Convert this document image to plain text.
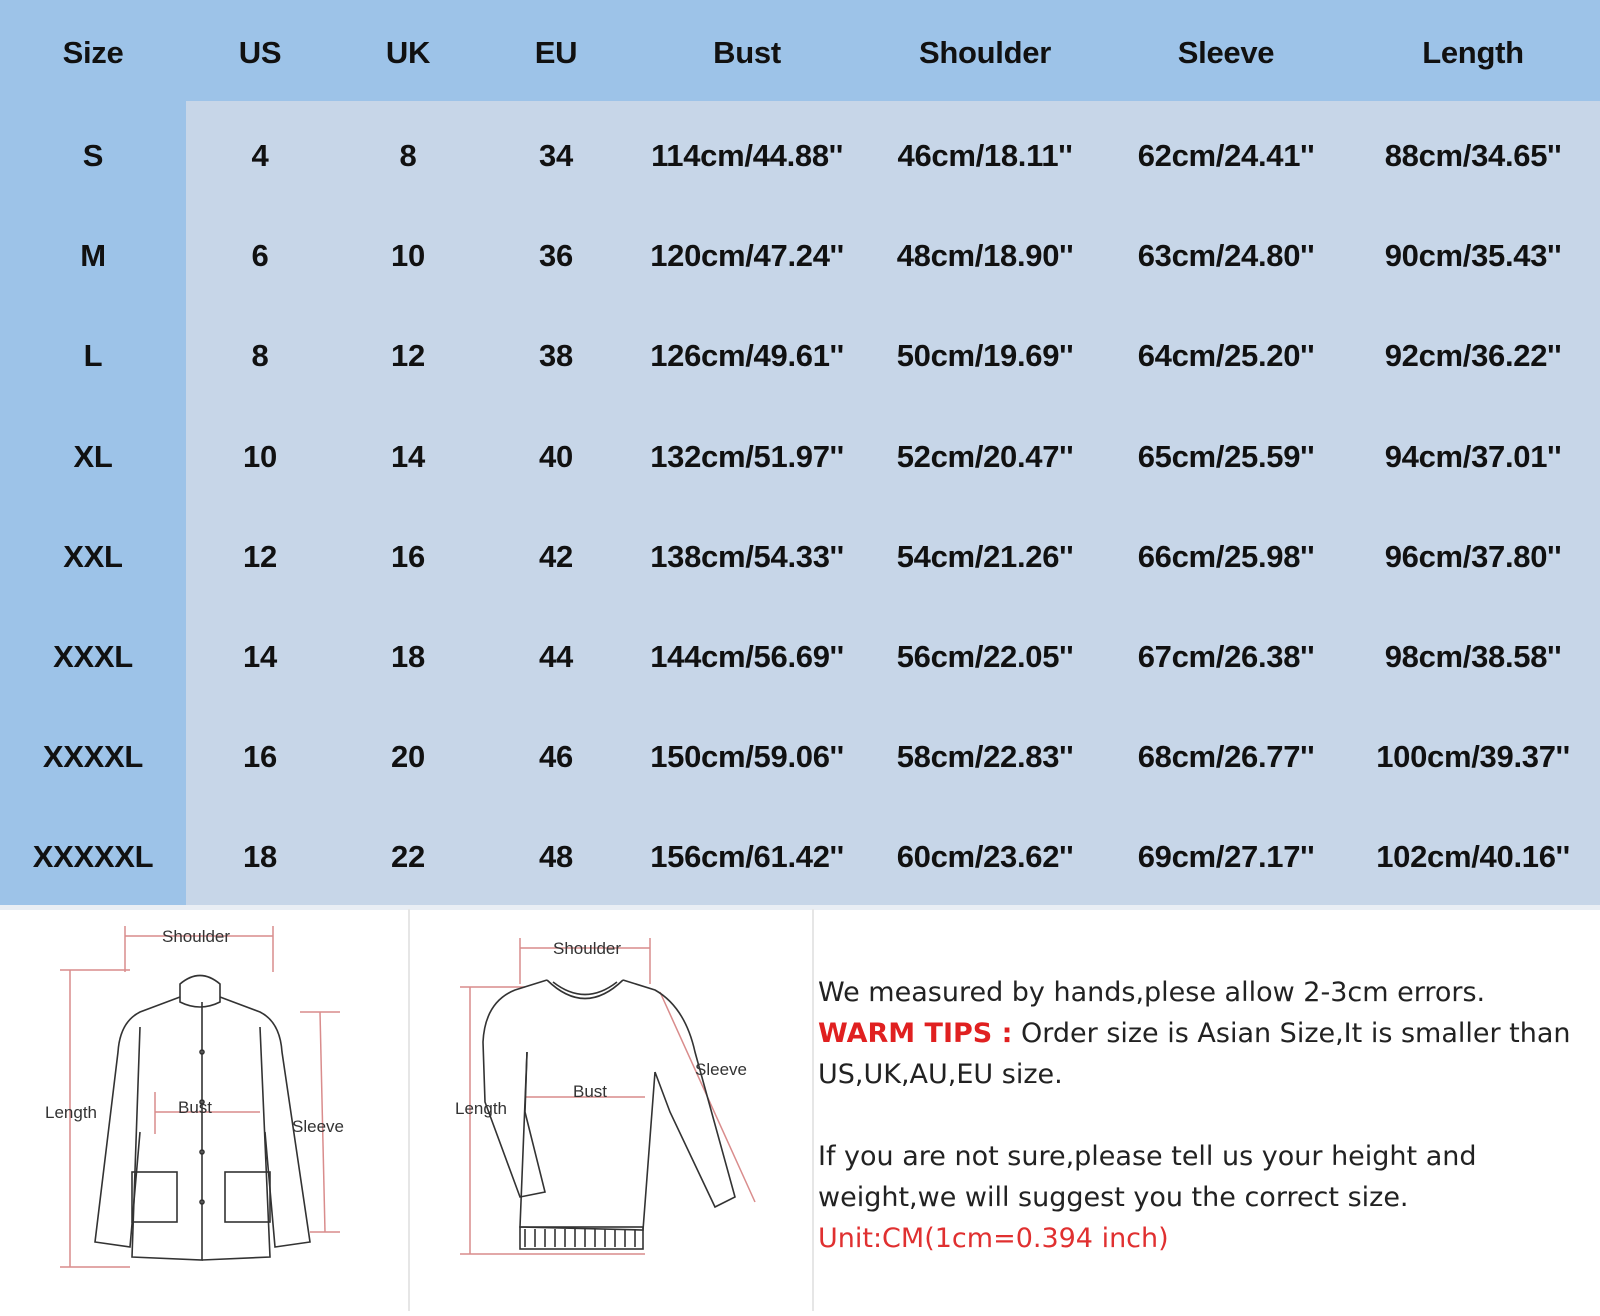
Size	US	UK	EU	Bust	Shoulder	Sleeve	Length
S	4	8	34	114cm/44.88''	46cm/18.11''	62cm/24.41''	88cm/34.65''
M	6	10	36	120cm/47.24''	48cm/18.90''	63cm/24.80''	90cm/35.43''
L	8	12	38	126cm/49.61''	50cm/19.69''	64cm/25.20''	92cm/36.22''
XL	10	14	40	132cm/51.97''	52cm/20.47''	65cm/25.59''	94cm/37.01''
XXL	12	16	42	138cm/54.33''	54cm/21.26''	66cm/25.98''	96cm/37.80''
XXXL	14	18	44	144cm/56.69''	56cm/22.05''	67cm/26.38''	98cm/38.58''
XXXXL	16	20	46	150cm/59.06''	58cm/22.83''	68cm/26.77''	100cm/39.37''
XXXXXL	18	22	48	156cm/61.42''	60cm/23.62''	69cm/27.17''	102cm/40.16''
Shoulder
Length	Bust
Sleeve
Shoulder
Length
Bust
Sleeve

We measured by hands,plese allow 2-3cm errors.

WARM TIPS : Order size is Asian Size,It is smaller than US,UK,AU,EU size.

If you are not sure,please tell us your height and weight,we will suggest you the correct size.

Unit:CM(1cm=0.394 inch)
